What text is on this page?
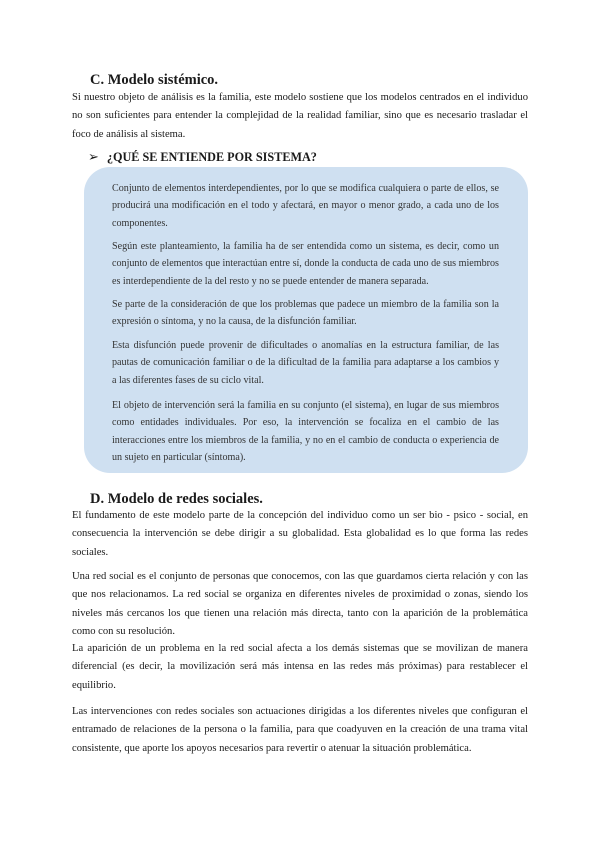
C. Modelo sistémico.
Si nuestro objeto de análisis es la familia, este modelo sostiene que los modelos centrados en el individuo no son suficientes para entender la complejidad de la realidad familiar, sino que es necesario trasladar el foco de análisis al sistema.
➢ ¿QUÉ SE ENTIENDE POR SISTEMA?
Conjunto de elementos interdependientes, por lo que se modifica cualquiera o parte de ellos, se producirá una modificación en el todo y afectará, en mayor o menor grado, a cada uno de los componentes.
Según este planteamiento, la familia ha de ser entendida como un sistema, es decir, como un conjunto de elementos que interactúan entre sí, donde la conducta de cada uno de sus miembros es interdependiente de la del resto y no se puede entender de manera separada.
Se parte de la consideración de que los problemas que padece un miembro de la familia son la expresión o síntoma, y no la causa, de la disfunción familiar.
Esta disfunción puede provenir de dificultades o anomalías en la estructura familiar, de las pautas de comunicación familiar o de la dificultad de la familia para adaptarse a los cambios y a las diferentes fases de su ciclo vital.
El objeto de intervención será la familia en su conjunto (el sistema), en lugar de sus miembros como entidades individuales. Por eso, la intervención se focaliza en el cambio de las interacciones entre los miembros de la familia, y no en el cambio de conducta o experiencia de un sujeto en particular (síntoma).
D. Modelo de redes sociales.
El fundamento de este modelo parte de la concepción del individuo como un ser bio - psico - social, en consecuencia la intervención se debe dirigir a su globalidad. Esta globalidad es lo que forma las redes sociales.
Una red social es el conjunto de personas que conocemos, con las que guardamos cierta relación y con las que nos relacionamos. La red social se organiza en diferentes niveles de proximidad o zonas, siendo los niveles más cercanos los que tienen una relación más directa, tanto con la aparición de la problemática como con su resolución.
La aparición de un problema en la red social afecta a los demás sistemas que se movilizan de manera diferencial (es decir, la movilización será más intensa en las redes más próximas) para restablecer el equilibrio.
Las intervenciones con redes sociales son actuaciones dirigidas a los diferentes niveles que configuran el entramado de relaciones de la persona o la familia, para que coadyuven en la creación de una trama vital consistente, que aporte los apoyos necesarios para revertir o atenuar la situación problemática.
